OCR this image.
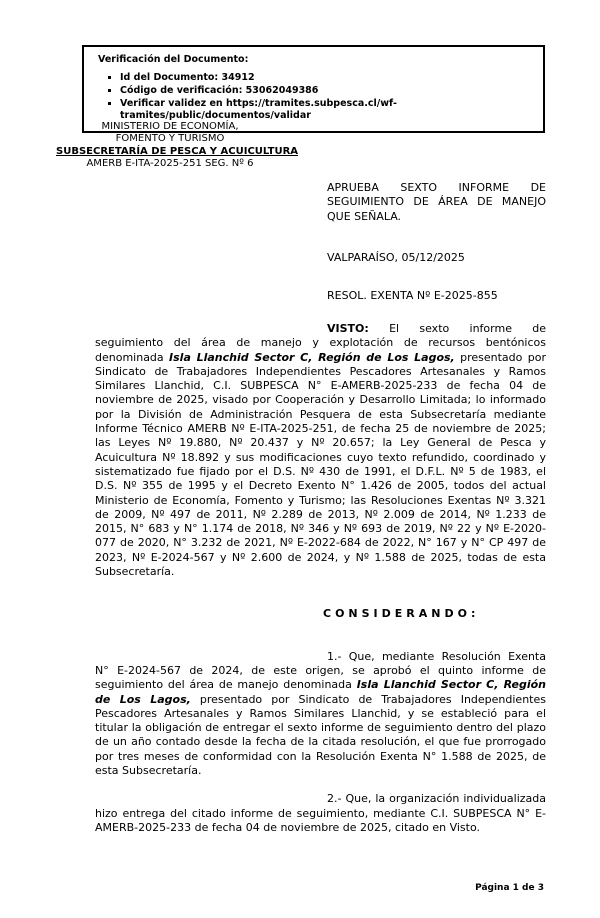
Verificación del Documento:
▪ Id del Documento: 34912
▪ Código de verificación: 53062049386
▪ Verificar validez en https://tramites.subpesca.cl/wf-tramites/public/documentos/validar
MINISTERIO DE ECONOMÍA,
FOMENTO Y TURISMO
SUBSECRETARÍA DE PESCA Y ACUICULTURA
AMERB E-ITA-2025-251 SEG. Nº 6
APRUEBA SEXTO INFORME DE SEGUIMIENTO DE ÁREA DE MANEJO QUE SEÑALA.
VALPARAÍSO, 05/12/2025
RESOL. EXENTA Nº E-2025-855

VISTO: El sexto informe de seguimiento del área de manejo y explotación de recursos bentónicos denominada Isla Llanchid Sector C, Región de Los Lagos, presentado por Sindicato de Trabajadores Independientes Pescadores Artesanales y Ramos Similares Llanchid, C.I. SUBPESCA N° E-AMERB-2025-233 de fecha 04 de noviembre de 2025, visado por Cooperación y Desarrollo Limitada; lo informado por la División de Administración Pesquera de esta Subsecretaría mediante Informe Técnico AMERB Nº E-ITA-2025-251, de fecha 25 de noviembre de 2025; las Leyes Nº 19.880, Nº 20.437 y Nº 20.657; la Ley General de Pesca y Acuicultura Nº 18.892 y sus modificaciones cuyo texto refundido, coordinado y sistematizado fue fijado por el D.S. Nº 430 de 1991, el D.F.L. Nº 5 de 1983, el D.S. Nº 355 de 1995 y el Decreto Exento N° 1.426 de 2005, todos del actual Ministerio de Economía, Fomento y Turismo; las Resoluciones Exentas Nº 3.321 de 2009, Nº 497 de 2011, Nº 2.289 de 2013, Nº 2.009 de 2014, Nº 1.233 de 2015, N° 683 y N° 1.174 de 2018, Nº 346 y Nº 693 de 2019, Nº 22 y Nº E-2020-077 de 2020, N° 3.232 de 2021, Nº E-2022-684 de 2022, N° 167 y N° CP 497 de 2023, Nº E-2024-567 y Nº 2.600 de 2024, y Nº 1.588 de 2025, todas de esta Subsecretaría.

CONSIDERANDO:

1.- Que, mediante Resolución Exenta N° E-2024-567 de 2024, de este origen, se aprobó el quinto informe de seguimiento del área de manejo denominada Isla Llanchid Sector C, Región de Los Lagos, presentado por Sindicato de Trabajadores Independientes Pescadores Artesanales y Ramos Similares Llanchid, y se estableció para el titular la obligación de entregar el sexto informe de seguimiento dentro del plazo de un año contado desde la fecha de la citada resolución, el que fue prorrogado por tres meses de conformidad con la Resolución Exenta N° 1.588 de 2025, de esta Subsecretaría.

2.- Que, la organización individualizada hizo entrega del citado informe de seguimiento, mediante C.I. SUBPESCA N° E-AMERB-2025-233 de fecha 04 de noviembre de 2025, citado en Visto.

Página 1 de 3
